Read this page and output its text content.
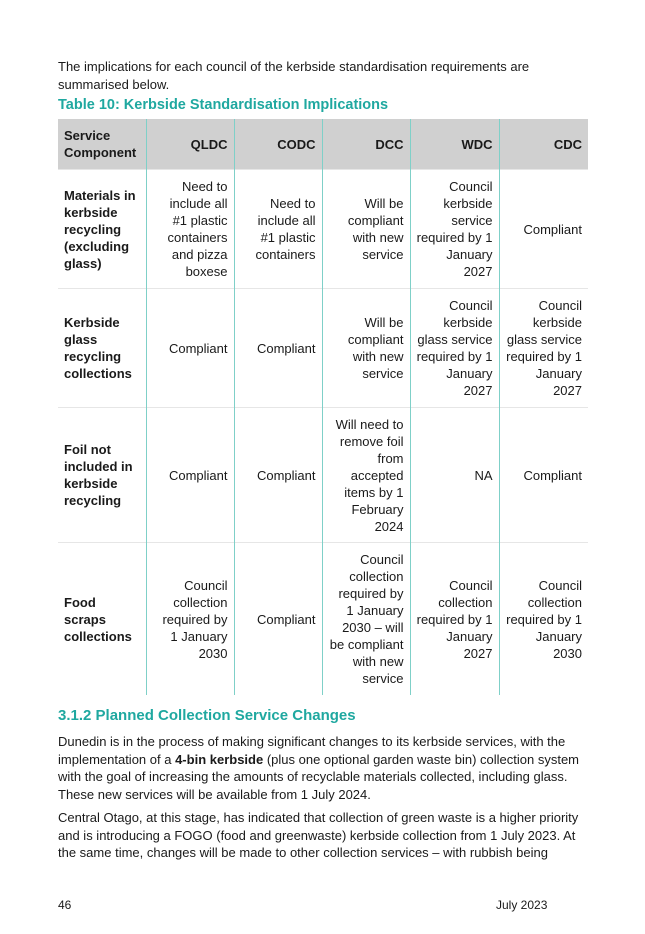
The implications for each council of the kerbside standardisation requirements are summarised below.

Table 10: Kerbside Standardisation Implications
Service Component	QLDC	CODC	DCC	WDC	CDC
Materials in kerbside recycling (excluding glass)	Need to include all #1 plastic containers and pizza boxese	Need to include all #1 plastic containers	Will be compliant with new service	Council kerbside service required by 1 January 2027	Compliant
Kerbside glass recycling collections	Compliant	Compliant	Will be compliant with new service	Council kerbside glass service required by 1 January 2027	Council kerbside glass service required by 1 January 2027
Foil not included in kerbside recycling	Compliant	Compliant	Will need to remove foil from accepted items by 1 February 2024	NA	Compliant
Food scraps collections	Council collection required by 1 January 2030	Compliant	Council collection required by 1 January 2030 – will be compliant with new service	Council collection required by 1 January 2027	Council collection required by 1 January 2030
3.1.2 Planned Collection Service Changes

Dunedin is in the process of making significant changes to its kerbside services, with the implementation of a 4-bin kerbside (plus one optional garden waste bin) collection system with the goal of increasing the amounts of recyclable materials collected, including glass. These new services will be available from 1 July 2024.

Central Otago, at this stage, has indicated that collection of green waste is a higher priority and is introducing a FOGO (food and greenwaste) kerbside collection from 1 July 2023. At the same time, changes will be made to other collection services – with rubbish being

46	July 2023
